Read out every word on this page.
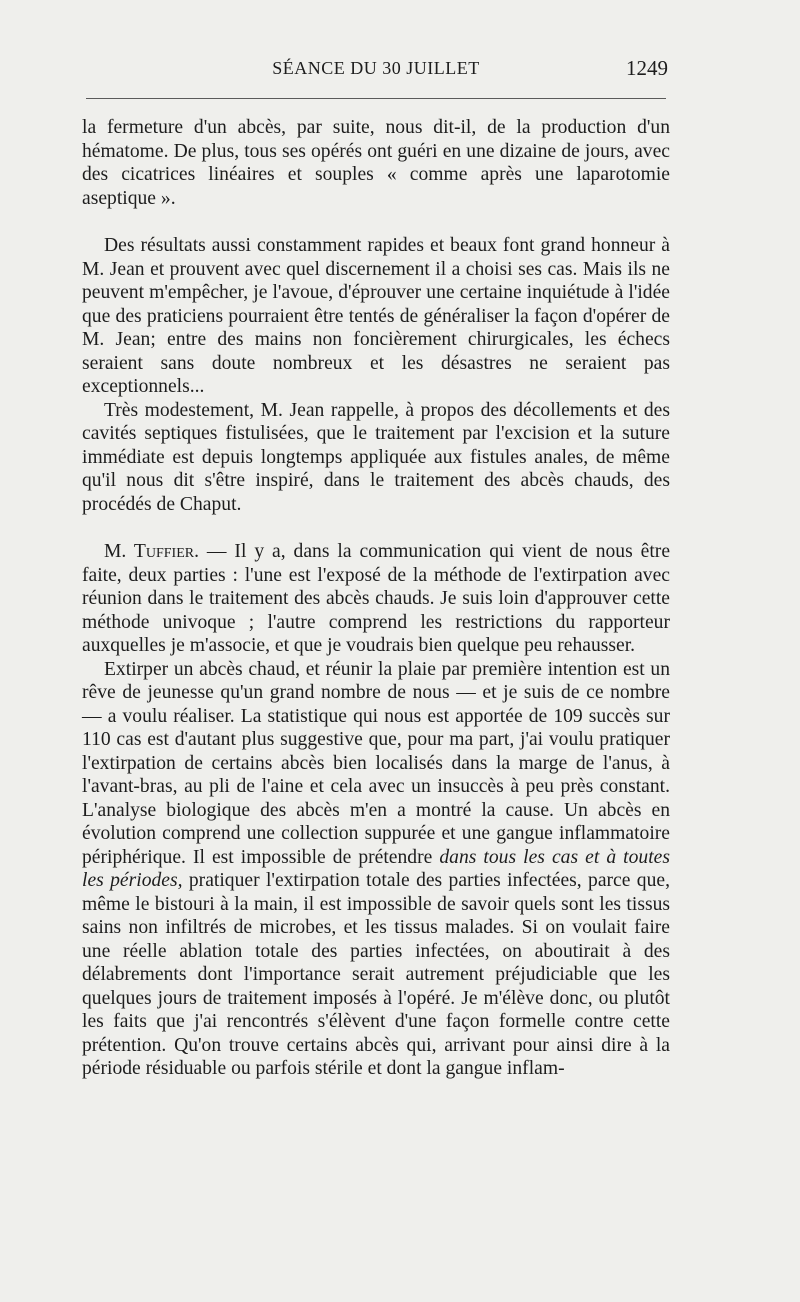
SÉANCE DU 30 JUILLET	1249

la fermeture d'un abcès, par suite, nous dit-il, de la production d'un hématome. De plus, tous ses opérés ont guéri en une dizaine de jours, avec des cicatrices linéaires et souples « comme après une laparotomie aseptique ».

Des résultats aussi constamment rapides et beaux font grand honneur à M. Jean et prouvent avec quel discernement il a choisi ses cas. Mais ils ne peuvent m'empêcher, je l'avoue, d'éprouver une certaine inquiétude à l'idée que des praticiens pourraient être tentés de généraliser la façon d'opérer de M. Jean; entre des mains non foncièrement chirurgicales, les échecs seraient sans doute nombreux et les désastres ne seraient pas exceptionnels...

Très modestement, M. Jean rappelle, à propos des décollements et des cavités septiques fistulisées, que le traitement par l'excision et la suture immédiate est depuis longtemps appliquée aux fistules anales, de même qu'il nous dit s'être inspiré, dans le traitement des abcès chauds, des procédés de Chaput.

M. Tuffier. — Il y a, dans la communication qui vient de nous être faite, deux parties : l'une est l'exposé de la méthode de l'extirpation avec réunion dans le traitement des abcès chauds. Je suis loin d'approuver cette méthode univoque ; l'autre comprend les restrictions du rapporteur auxquelles je m'associe, et que je voudrais bien quelque peu rehausser.

Extirper un abcès chaud, et réunir la plaie par première intention est un rêve de jeunesse qu'un grand nombre de nous — et je suis de ce nombre — a voulu réaliser. La statistique qui nous est apportée de 109 succès sur 110 cas est d'autant plus suggestive que, pour ma part, j'ai voulu pratiquer l'extirpation de certains abcès bien localisés dans la marge de l'anus, à l'avant-bras, au pli de l'aine et cela avec un insuccès à peu près constant. L'analyse biologique des abcès m'en a montré la cause. Un abcès en évolution comprend une collection suppurée et une gangue inflammatoire périphérique. Il est impossible de prétendre dans tous les cas et à toutes les périodes, pratiquer l'extirpation totale des parties infectées, parce que, même le bistouri à la main, il est impossible de savoir quels sont les tissus sains non infiltrés de microbes, et les tissus malades. Si on voulait faire une réelle ablation totale des parties infectées, on aboutirait à des délabrements dont l'importance serait autrement préjudiciable que les quelques jours de traitement imposés à l'opéré. Je m'élève donc, ou plutôt les faits que j'ai rencontrés s'élèvent d'une façon formelle contre cette prétention. Qu'on trouve certains abcès qui, arrivant pour ainsi dire à la période résiduable ou parfois stérile et dont la gangue inflam-
